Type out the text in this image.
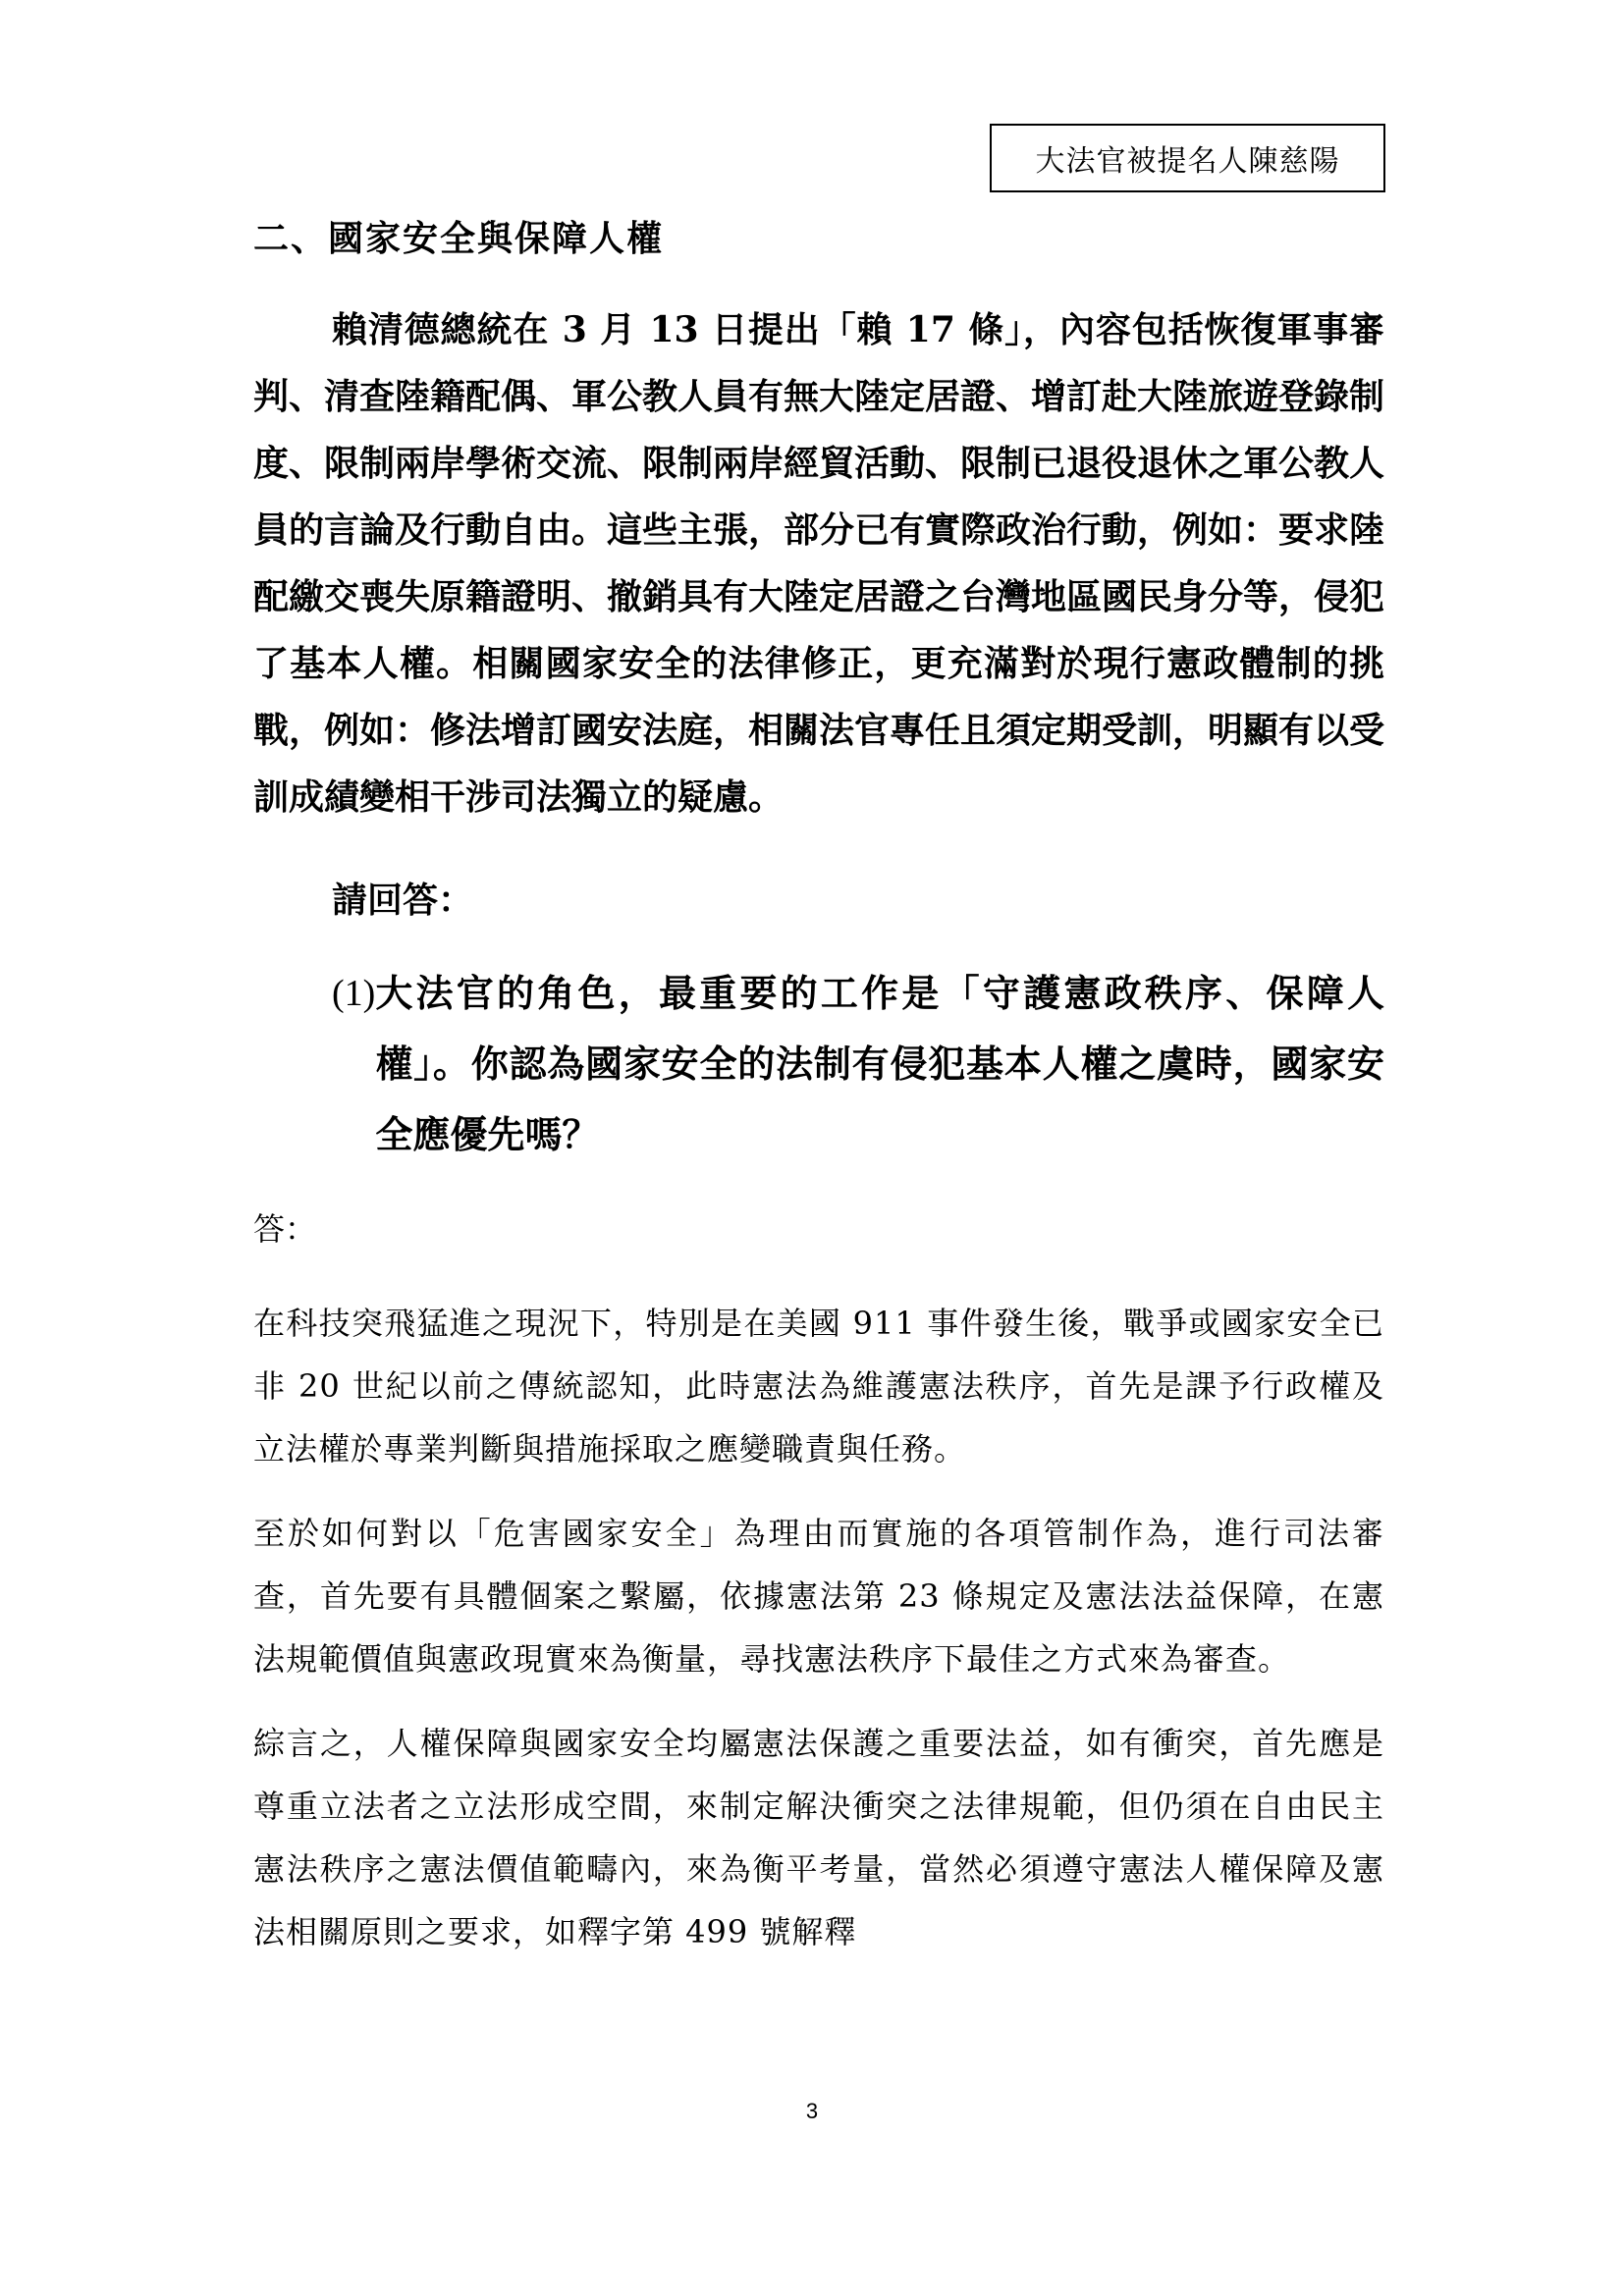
大法官被提名人陳慈陽
二、國家安全與保障人權

賴清德總統在 3 月 13 日提出「賴 17 條」，內容包括恢復軍事審判、清查陸籍配偶、軍公教人員有無大陸定居證、增訂赴大陸旅遊登錄制度、限制兩岸學術交流、限制兩岸經貿活動、限制已退役退休之軍公教人員的言論及行動自由。這些主張，部分已有實際政治行動，例如：要求陸配繳交喪失原籍證明、撤銷具有大陸定居證之台灣地區國民身分等，侵犯了基本人權。相關國家安全的法律修正，更充滿對於現行憲政體制的挑戰，例如：修法增訂國安法庭，相關法官專任且須定期受訓，明顯有以受訓成績變相干涉司法獨立的疑慮。

請回答：
(1) 大法官的角色，最重要的工作是「守護憲政秩序、保障人權」。你認為國家安全的法制有侵犯基本人權之虞時，國家安全應優先嗎？
答：

在科技突飛猛進之現況下，特別是在美國 911 事件發生後，戰爭或國家安全已非 20 世紀以前之傳統認知，此時憲法為維護憲法秩序，首先是課予行政權及立法權於專業判斷與措施採取之應變職責與任務。

至於如何對以「危害國家安全」為理由而實施的各項管制作為，進行司法審查，首先要有具體個案之繫屬，依據憲法第 23 條規定及憲法法益保障，在憲法規範價值與憲政現實來為衡量，尋找憲法秩序下最佳之方式來為審查。

綜言之，人權保障與國家安全均屬憲法保護之重要法益，如有衝突，首先應是尊重立法者之立法形成空間，來制定解決衝突之法律規範，但仍須在自由民主憲法秩序之憲法價值範疇內，來為衡平考量，當然必須遵守憲法人權保障及憲法相關原則之要求，如釋字第 499 號解釋

3
